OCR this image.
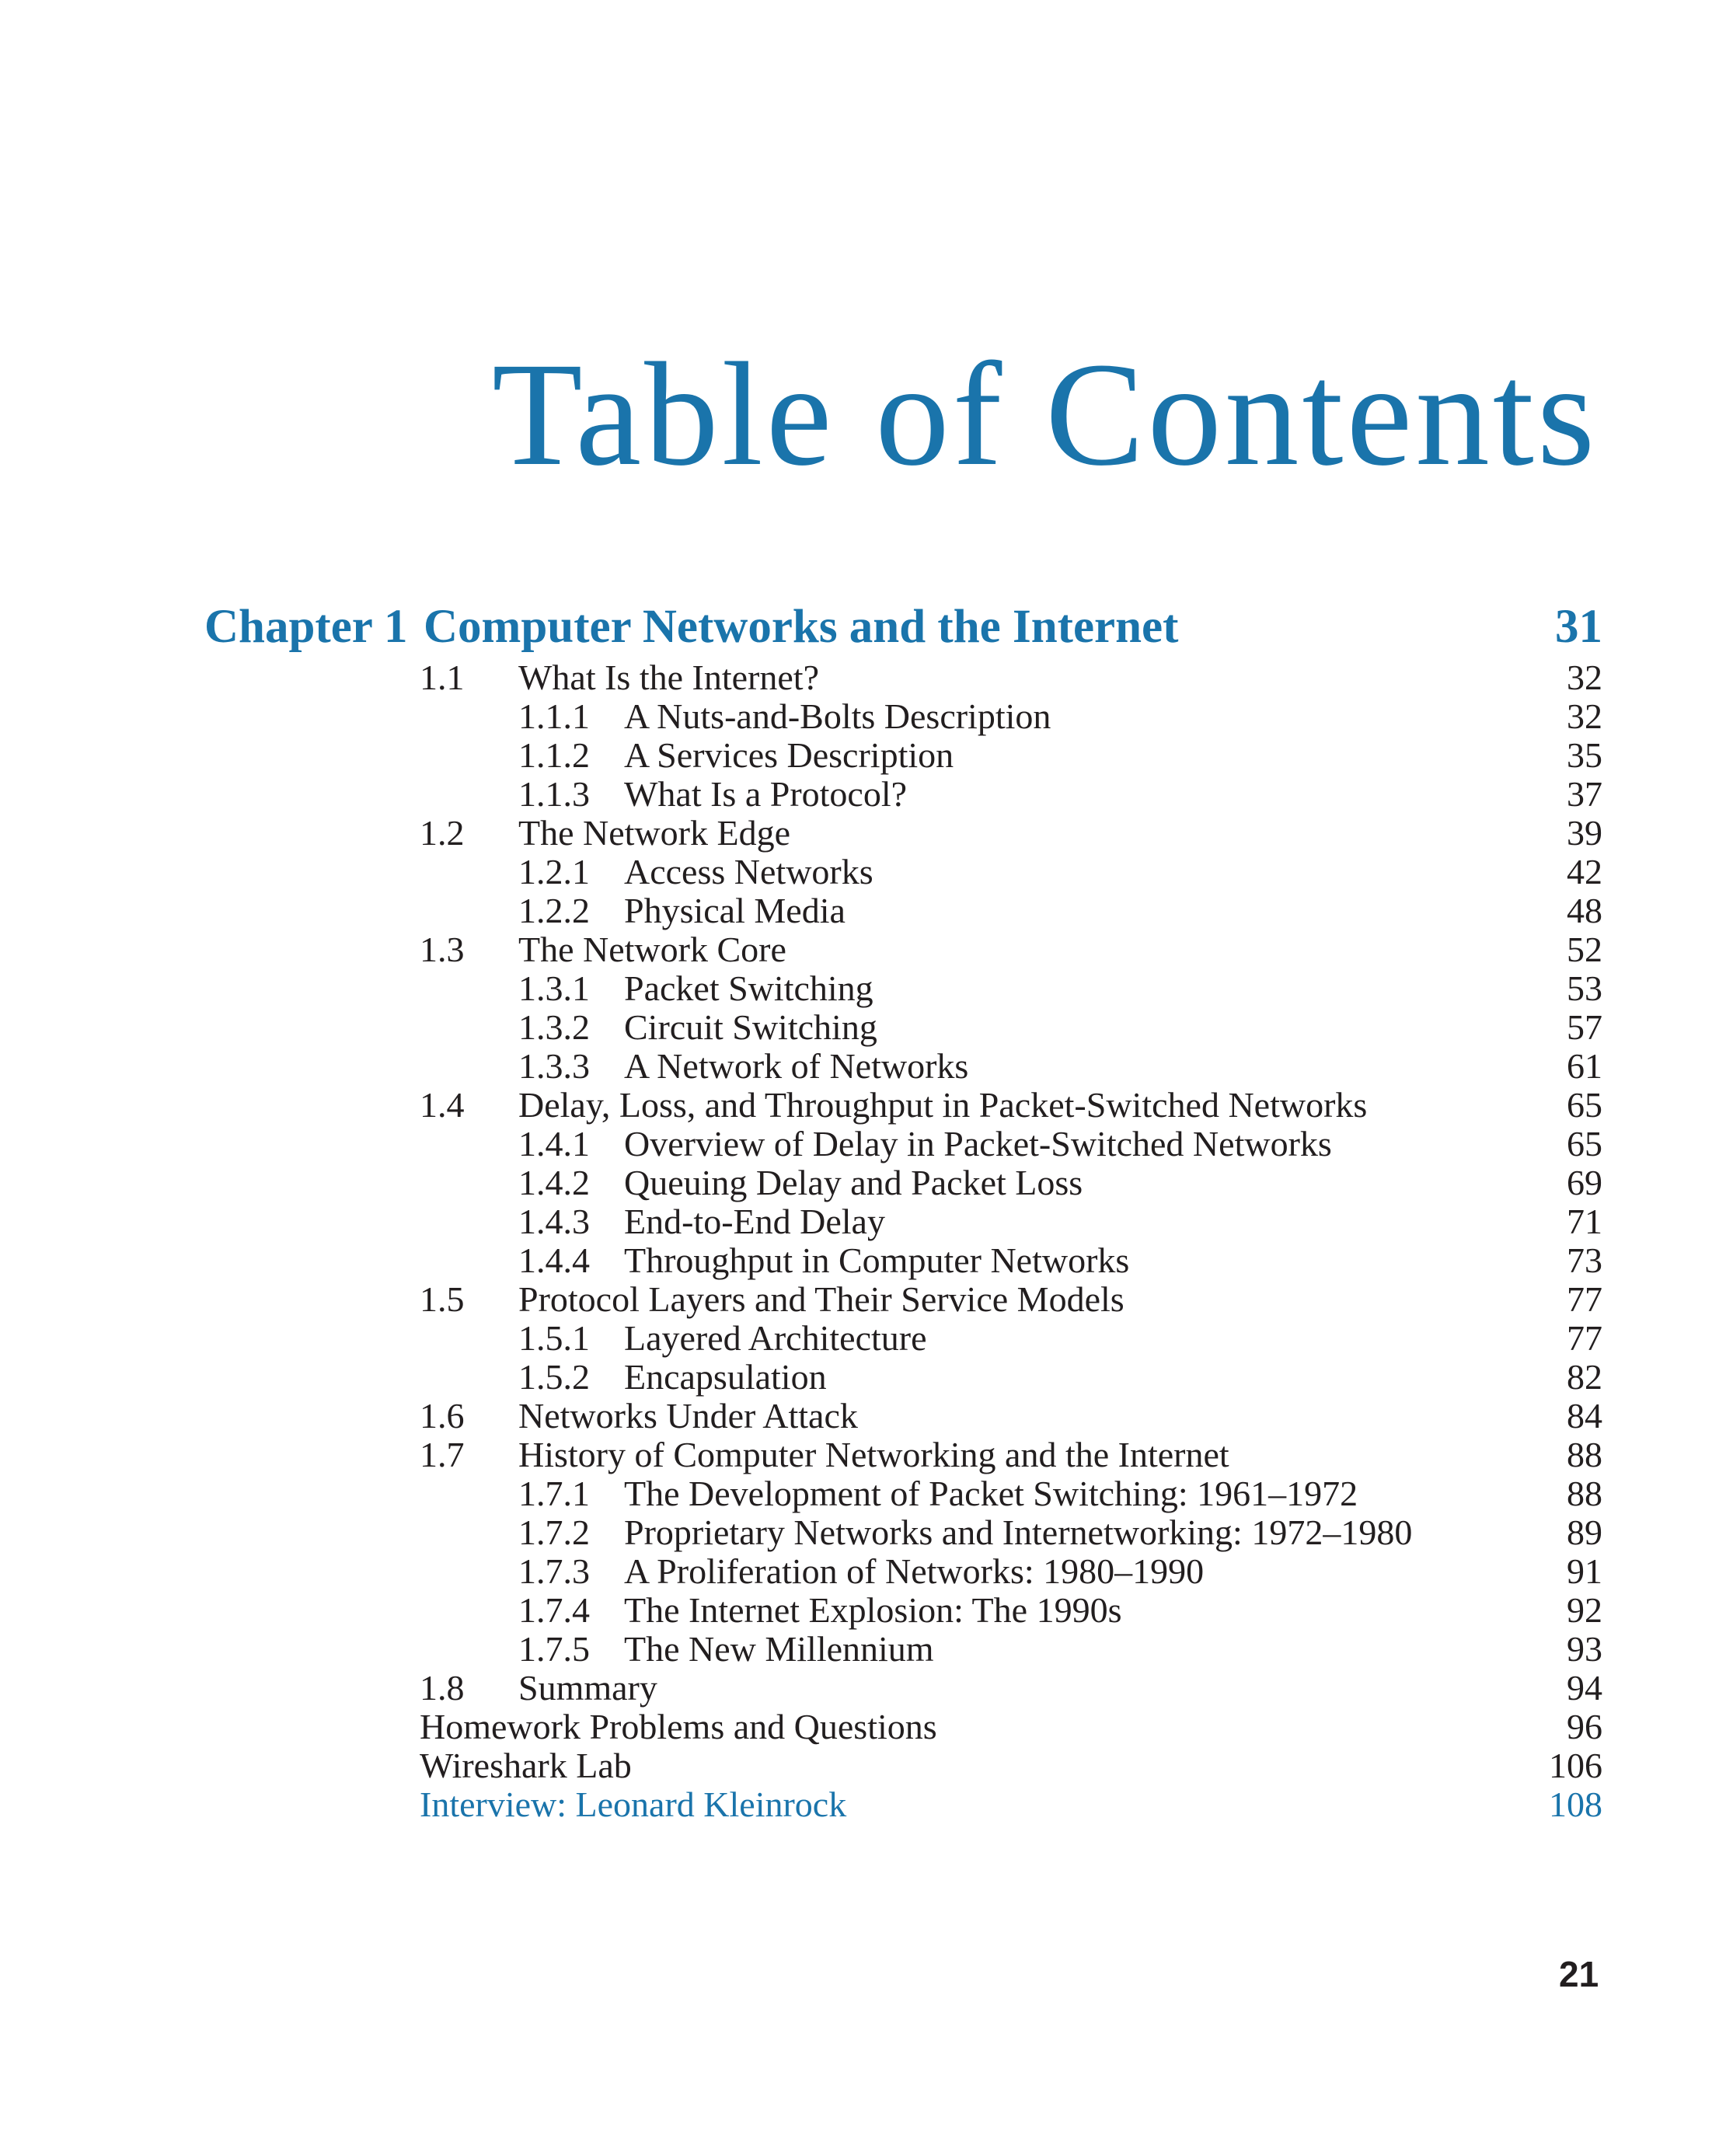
Table of Contents
Chapter 1 Computer Networks and the Internet	31
1.1 What Is the Internet?	32
1.1.1 A Nuts-and-Bolts Description	32
1.1.2 A Services Description	35
1.1.3 What Is a Protocol?	37
1.2 The Network Edge	39
1.2.1 Access Networks	42
1.2.2 Physical Media	48
1.3 The Network Core	52
1.3.1 Packet Switching	53
1.3.2 Circuit Switching	57
1.3.3 A Network of Networks	61
1.4 Delay, Loss, and Throughput in Packet-Switched Networks	65
1.4.1 Overview of Delay in Packet-Switched Networks	65
1.4.2 Queuing Delay and Packet Loss	69
1.4.3 End-to-End Delay	71
1.4.4 Throughput in Computer Networks	73
1.5 Protocol Layers and Their Service Models	77
1.5.1 Layered Architecture	77
1.5.2 Encapsulation	82
1.6 Networks Under Attack	84
1.7 History of Computer Networking and the Internet	88
1.7.1 The Development of Packet Switching: 1961–1972	88
1.7.2 Proprietary Networks and Internetworking: 1972–1980	89
1.7.3 A Proliferation of Networks: 1980–1990	91
1.7.4 The Internet Explosion: The 1990s	92
1.7.5 The New Millennium	93
1.8 Summary	94
Homework Problems and Questions	96
Wireshark Lab	106
Interview: Leonard Kleinrock	108
21
